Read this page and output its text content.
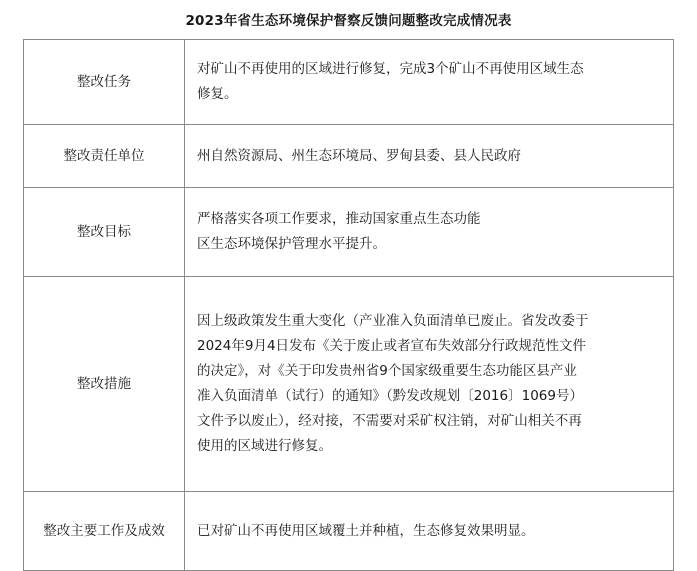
2023年省生态环境保护督察反馈问题整改完成情况表
整改任务	对矿山不再使用的区域进行修复，完成3个矿山不再使用区域生态

修复。

整改责任单位	州自然资源局、州生态环境局、罗甸县委、县人民政府

整改目标	严格落实各项工作要求，推动国家重点生态功能

区生态环境保护管理水平提升。

整改措施	

因上级政策发生重大变化（产业准入负面清单已废止。省发改委于

2024年9月4日发布《关于废止或者宣布失效部分行政规范性文件

的决定》，对《关于印发贵州省9个国家级重要生态功能区县产业

准入负面清单（试行）的通知》（黔发改规划〔2016〕1069号）

文件予以废止），经对接，不需要对采矿权注销，对矿山相关不再

使用的区域进行修复。

整改主要工作及成效	已对矿山不再使用区域覆土并种植，生态修复效果明显。
